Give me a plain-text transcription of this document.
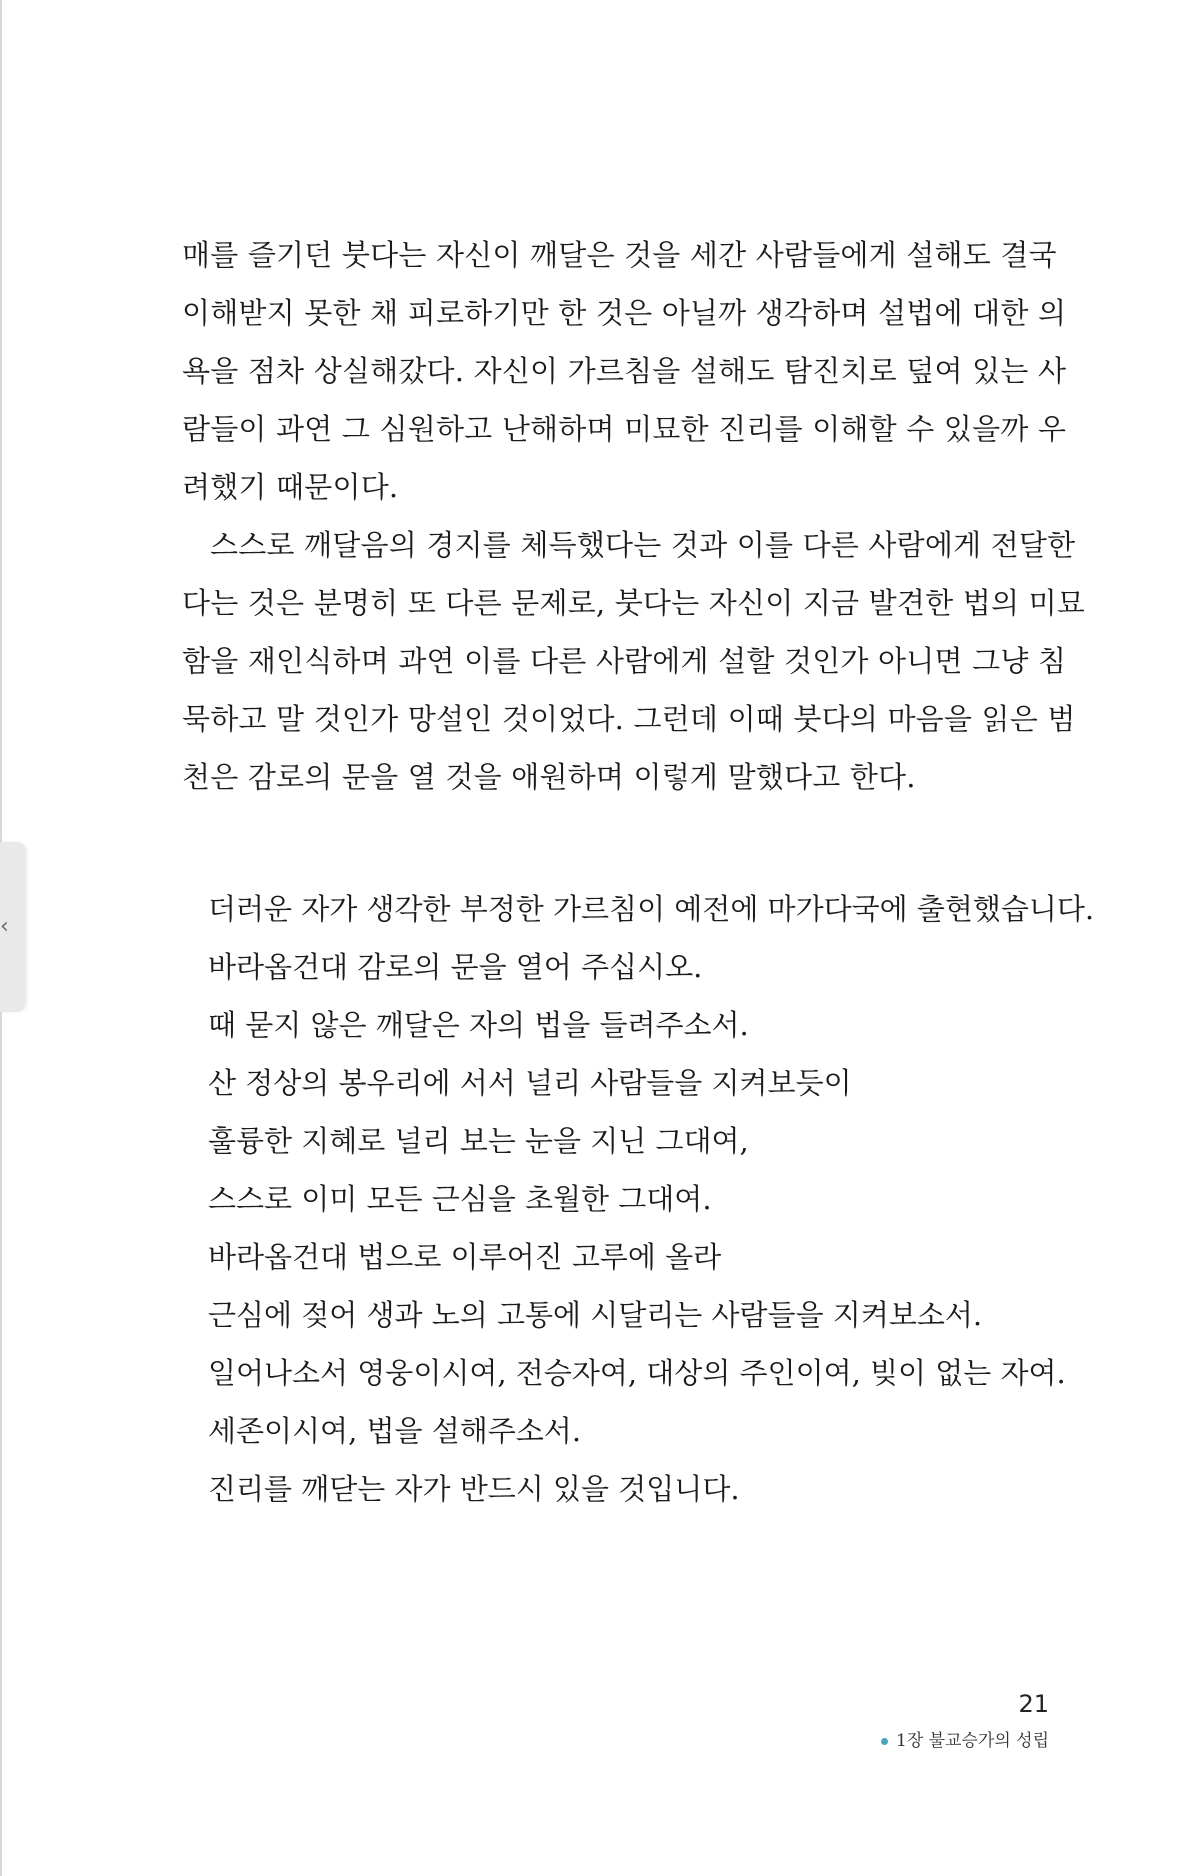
‹
매를 즐기던 붓다는 자신이 깨달은 것을 세간 사람들에게 설해도 결국
이해받지 못한 채 피로하기만 한 것은 아닐까 생각하며 설법에 대한 의
욕을 점차 상실해갔다. 자신이 가르침을 설해도 탐진치로 덮여 있는 사
람들이 과연 그 심원하고 난해하며 미묘한 진리를 이해할 수 있을까 우
려했기 때문이다.
스스로 깨달음의 경지를 체득했다는 것과 이를 다른 사람에게 전달한
다는 것은 분명히 또 다른 문제로, 붓다는 자신이 지금 발견한 법의 미묘
함을 재인식하며 과연 이를 다른 사람에게 설할 것인가 아니면 그냥 침
묵하고 말 것인가 망설인 것이었다. 그런데 이때 붓다의 마음을 읽은 범
천은 감로의 문을 열 것을 애원하며 이렇게 말했다고 한다.
더러운 자가 생각한 부정한 가르침이 예전에 마가다국에 출현했습니다.
바라옵건대 감로의 문을 열어 주십시오.
때 묻지 않은 깨달은 자의 법을 들려주소서.
산 정상의 봉우리에 서서 널리 사람들을 지켜보듯이
훌륭한 지혜로 널리 보는 눈을 지닌 그대여,
스스로 이미 모든 근심을 초월한 그대여.
바라옵건대 법으로 이루어진 고루에 올라
근심에 젖어 생과 노의 고통에 시달리는 사람들을 지켜보소서.
일어나소서 영웅이시여, 전승자여, 대상의 주인이여, 빚이 없는 자여.
세존이시여, 법을 설해주소서.
진리를 깨닫는 자가 반드시 있을 것입니다.
21
1장 불교승가의 성립
